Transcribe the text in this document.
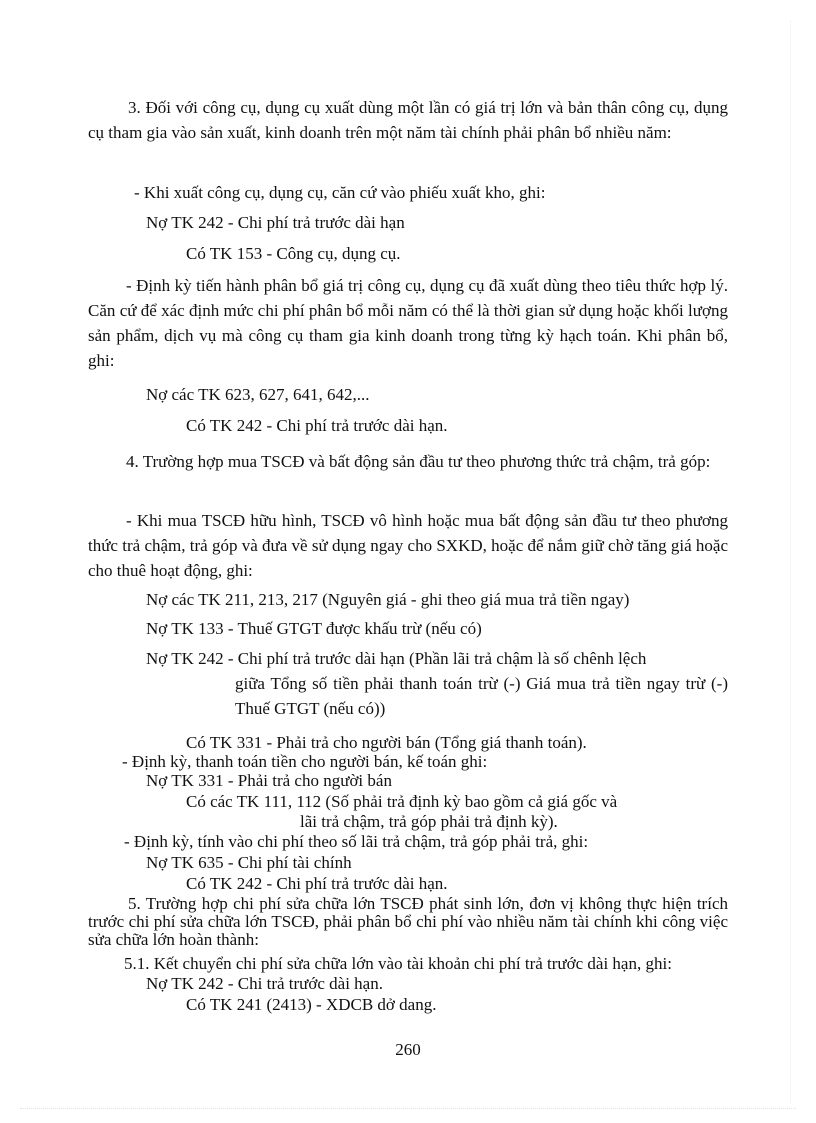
3. Đối với công cụ, dụng cụ xuất dùng một lần có giá trị lớn và bản thân công cụ, dụng cụ tham gia vào sản xuất, kinh doanh trên một năm tài chính phải phân bổ nhiều năm:

- Khi xuất công cụ, dụng cụ, căn cứ vào phiếu xuất kho, ghi:

Nợ TK 242 - Chi phí trả trước dài hạn

Có TK 153 - Công cụ, dụng cụ.

- Định kỳ tiến hành phân bổ giá trị công cụ, dụng cụ đã xuất dùng theo tiêu thức hợp lý. Căn cứ để xác định mức chi phí phân bổ mỗi năm có thể là thời gian sử dụng hoặc khối lượng sản phẩm, dịch vụ mà công cụ tham gia kinh doanh trong từng kỳ hạch toán. Khi phân bổ, ghi:

Nợ các TK 623, 627, 641, 642,...

Có TK 242 - Chi phí trả trước dài hạn.

4. Trường hợp mua TSCĐ và bất động sản đầu tư theo phương thức trả chậm, trả góp:

- Khi mua TSCĐ hữu hình, TSCĐ vô hình hoặc mua bất động sản đầu tư theo phương thức trả chậm, trả góp và đưa về sử dụng ngay cho SXKD, hoặc để nắm giữ chờ tăng giá hoặc cho thuê hoạt động, ghi:

Nợ các TK 211, 213, 217 (Nguyên giá - ghi theo giá mua trả tiền ngay)

Nợ TK 133 - Thuế GTGT được khấu trừ (nếu có)

Nợ TK 242 - Chi phí trả trước dài hạn (Phần lãi trả chậm là số chênh lệch

giữa Tổng số tiền phải thanh toán trừ (-) Giá mua trả tiền ngay trừ (-) Thuế GTGT (nếu có))

Có TK 331 - Phải trả cho người bán (Tổng giá thanh toán).

- Định kỳ, thanh toán tiền cho người bán, kế toán ghi:

Nợ TK 331 - Phải trả cho người bán

Có các TK 111, 112 (Số phải trả định kỳ bao gồm cả giá gốc và

lãi trả chậm, trả góp phải trả định kỳ).

- Định kỳ, tính vào chi phí theo số lãi trả chậm, trả góp phải trả, ghi:

Nợ TK 635 - Chi phí tài chính

Có TK 242 - Chi phí trả trước dài hạn.

5. Trường hợp chi phí sửa chữa lớn TSCĐ phát sinh lớn, đơn vị không thực hiện trích trước chi phí sửa chữa lớn TSCĐ, phải phân bổ chi phí vào nhiều năm tài chính khi công việc sửa chữa lớn hoàn thành:

5.1. Kết chuyển chi phí sửa chữa lớn vào tài khoản chi phí trả trước dài hạn, ghi:

Nợ TK 242 - Chi trả trước dài hạn.

Có TK 241 (2413) - XDCB dở dang.

260
